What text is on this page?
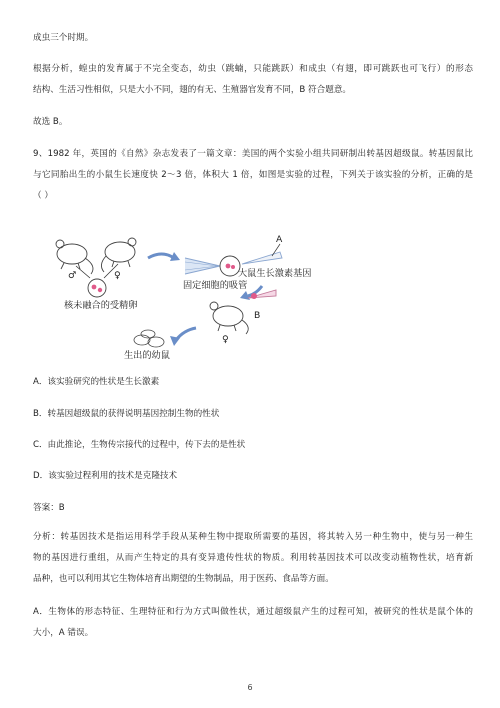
成虫三个时期。
根据分析，蝗虫的发育属于不完全变态，幼虫（跳蝻，只能跳跃）和成虫（有翅，即可跳跃也可飞行）的形态
结构、生活习性相似，只是大小不同，翅的有无、生殖器官发育不同，B 符合题意。
故选 B。
9、1982 年，英国的《自然》杂志发表了一篇文章：美国的两个实验小组共同研制出转基因超级鼠。转基因鼠比
与它同胎出生的小鼠生长速度快 2～3 倍，体积大 1 倍，如图是实验的过程，下列关于该实验的分析，正确的是
（ ）
♂	♀
核未融合的受精卵
A
固定细胞的吸管
大鼠生长激素基因
B
♀
生出的幼鼠
A．该实验研究的性状是生长激素
B．转基因超级鼠的获得说明基因控制生物的性状
C．由此推论，生物传宗接代的过程中，传下去的是性状
D．该实验过程利用的技术是克隆技术
答案：B
分析：转基因技术是指运用科学手段从某种生物中提取所需要的基因，将其转入另一种生物中，使与另一种生
物的基因进行重组，从而产生特定的具有变异遗传性状的物质。利用转基因技术可以改变动植物性状，培育新
品种，也可以利用其它生物体培育出期望的生物制品，用于医药、食品等方面。
A．生物体的形态特征、生理特征和行为方式叫做性状，通过超级鼠产生的过程可知，被研究的性状是鼠个体的
大小，A 错误。
6
